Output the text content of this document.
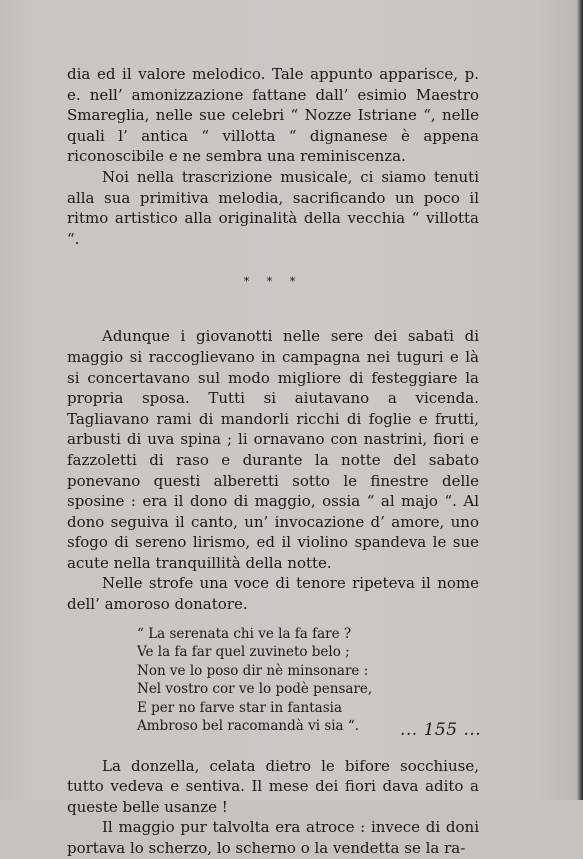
dia ed il valore melodico. Tale appunto apparisce, p. e. nell’ amonizzazione fattane dall’ esimio Maestro Smareglia, nelle sue celebri “ Nozze Istriane “, nelle quali l’ antica “ villotta “ dignanese è appena riconoscibile e ne sembra una reminiscenza.

Noi nella trascrizione musicale, ci siamo tenuti alla sua primitiva melodia, sacrificando un poco il ritmo artistico alla originalità della vecchia “ villotta “.

* * *

Adunque i giovanotti nelle sere dei sabati di maggio si raccoglievano in campagna nei tuguri e là si concertavano sul modo migliore di festeggiare la propria sposa. Tutti si aiutavano a vicenda. Tagliavano rami di mandorli ricchi di foglie e frutti, arbusti di uva spina ; li ornavano con nastrini, fiori e fazzoletti di raso e durante la notte del sabato ponevano questi alberetti sotto le finestre delle sposine : era il dono di maggio, ossia “ al majo “. Al dono seguiva il canto, un’ invocazione d’ amore, uno sfogo di sereno lirismo, ed il violino spandeva le sue acute nella tranquillità della notte.

Nelle strofe una voce di tenore ripeteva il nome dell’ amoroso donatore.

“ La serenata chi ve la fa fare ?
Ve la fa far quel zuvineto belo ;
Non ve lo poso dir nè minsonare :
Nel vostro cor ve lo podè pensare,
E per no farve star in fantasia
Ambroso bel racomandà vi sia “.

La donzella, celata dietro le bifore socchiuse, tutto vedeva e sentiva. Il mese dei fiori dava adito a queste belle usanze !

Il maggio pur talvolta era atroce : invece di doni portava lo scherzo, lo scherno o la vendetta se la ra-

... 155 ...
